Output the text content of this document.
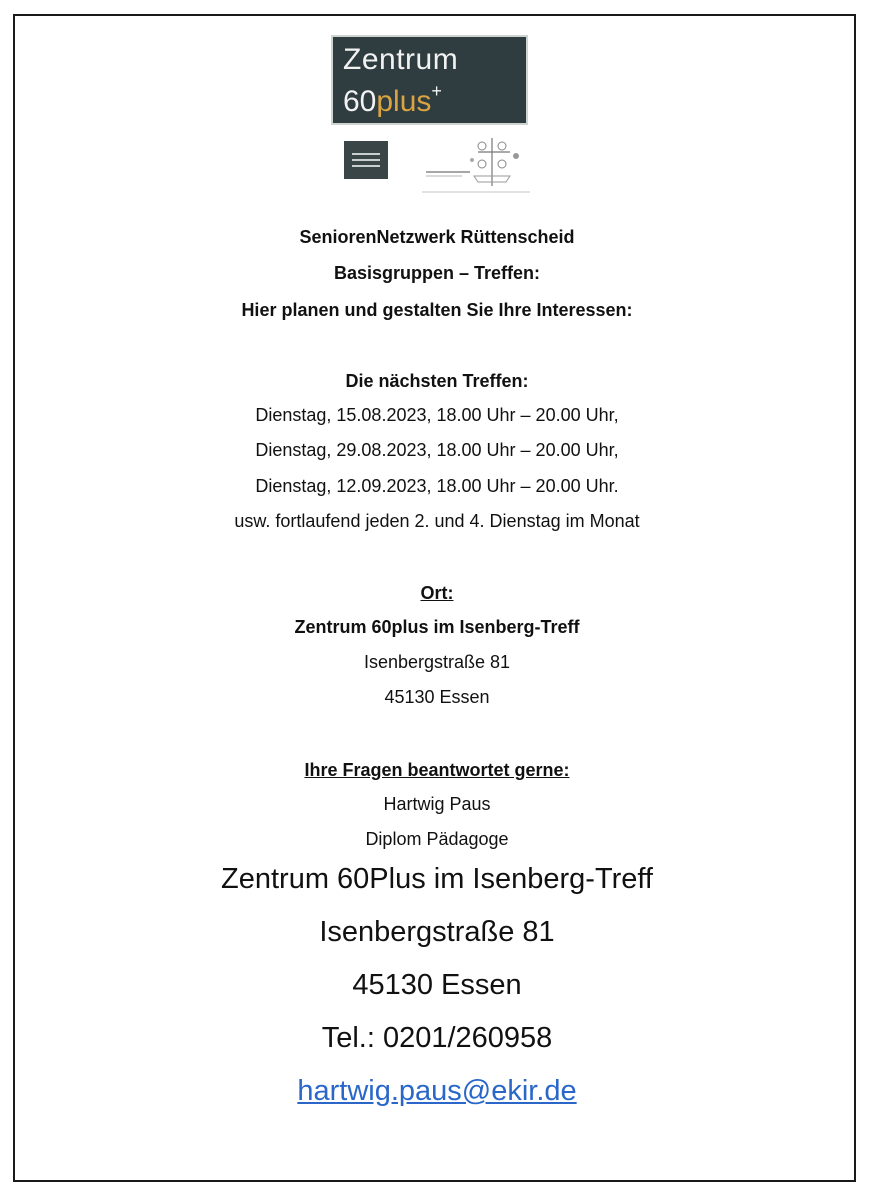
Zentrum
60plus+
SeniorenNetzwerk Rüttenscheid
Basisgruppen – Treffen:
Hier planen und gestalten Sie Ihre Interessen:
Die nächsten Treffen:
Dienstag, 15.08.2023, 18.00 Uhr – 20.00 Uhr,
Dienstag, 29.08.2023, 18.00 Uhr – 20.00 Uhr,
Dienstag, 12.09.2023, 18.00 Uhr – 20.00 Uhr.
usw. fortlaufend jeden 2. und 4. Dienstag im Monat
Ort:
Zentrum 60plus im Isenberg-Treff
Isenbergstraße 81
45130 Essen
Ihre Fragen beantwortet gerne:
Hartwig Paus
Diplom Pädagoge
Zentrum 60Plus im Isenberg-Treff
Isenbergstraße 81
45130 Essen
Tel.: 0201/260958
hartwig.paus@ekir.de
